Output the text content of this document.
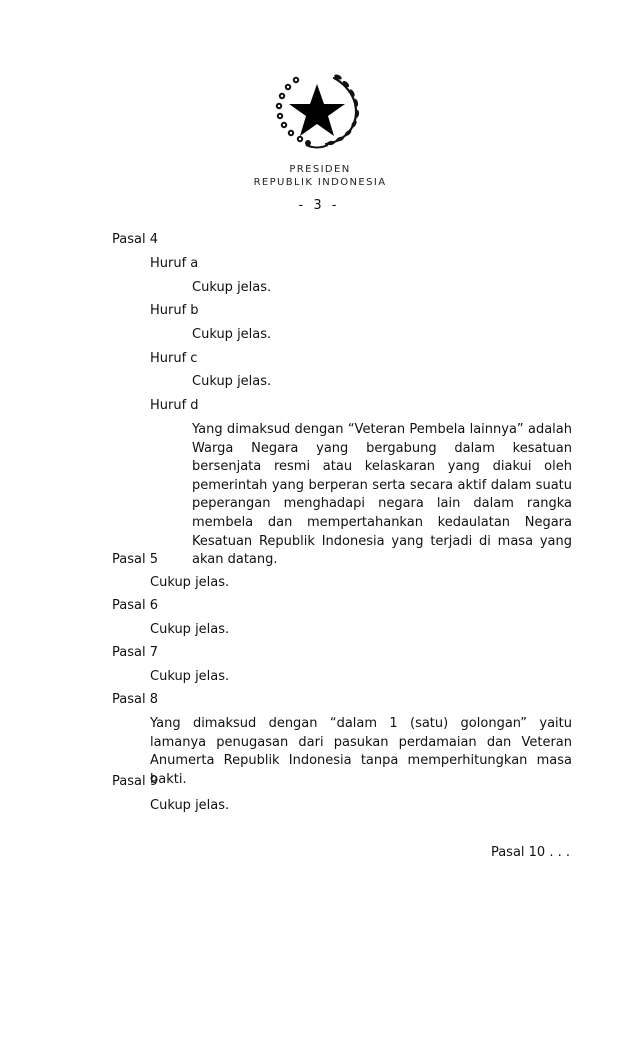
PRESIDEN
REPUBLIK INDONESIA
- 3 -
Pasal 4
Huruf a
Cukup jelas.
Huruf b
Cukup jelas.
Huruf c
Cukup jelas.
Huruf d
Yang dimaksud dengan “Veteran Pembela lainnya” adalah Warga Negara yang bergabung dalam kesatuan bersenjata resmi atau kelaskaran yang diakui oleh pemerintah yang berperan serta secara aktif dalam suatu peperangan menghadapi negara lain dalam rangka membela dan mempertahankan kedaulatan Negara Kesatuan Republik Indonesia yang terjadi di masa yang akan datang.
Pasal 5
Cukup jelas.
Pasal 6
Cukup jelas.
Pasal 7
Cukup jelas.
Pasal 8
Yang dimaksud dengan “dalam 1 (satu) golongan” yaitu lamanya penugasan dari pasukan perdamaian dan Veteran Anumerta Republik Indonesia tanpa memperhitungkan masa bakti.
Pasal 9
Cukup jelas.
Pasal 10 . . .
